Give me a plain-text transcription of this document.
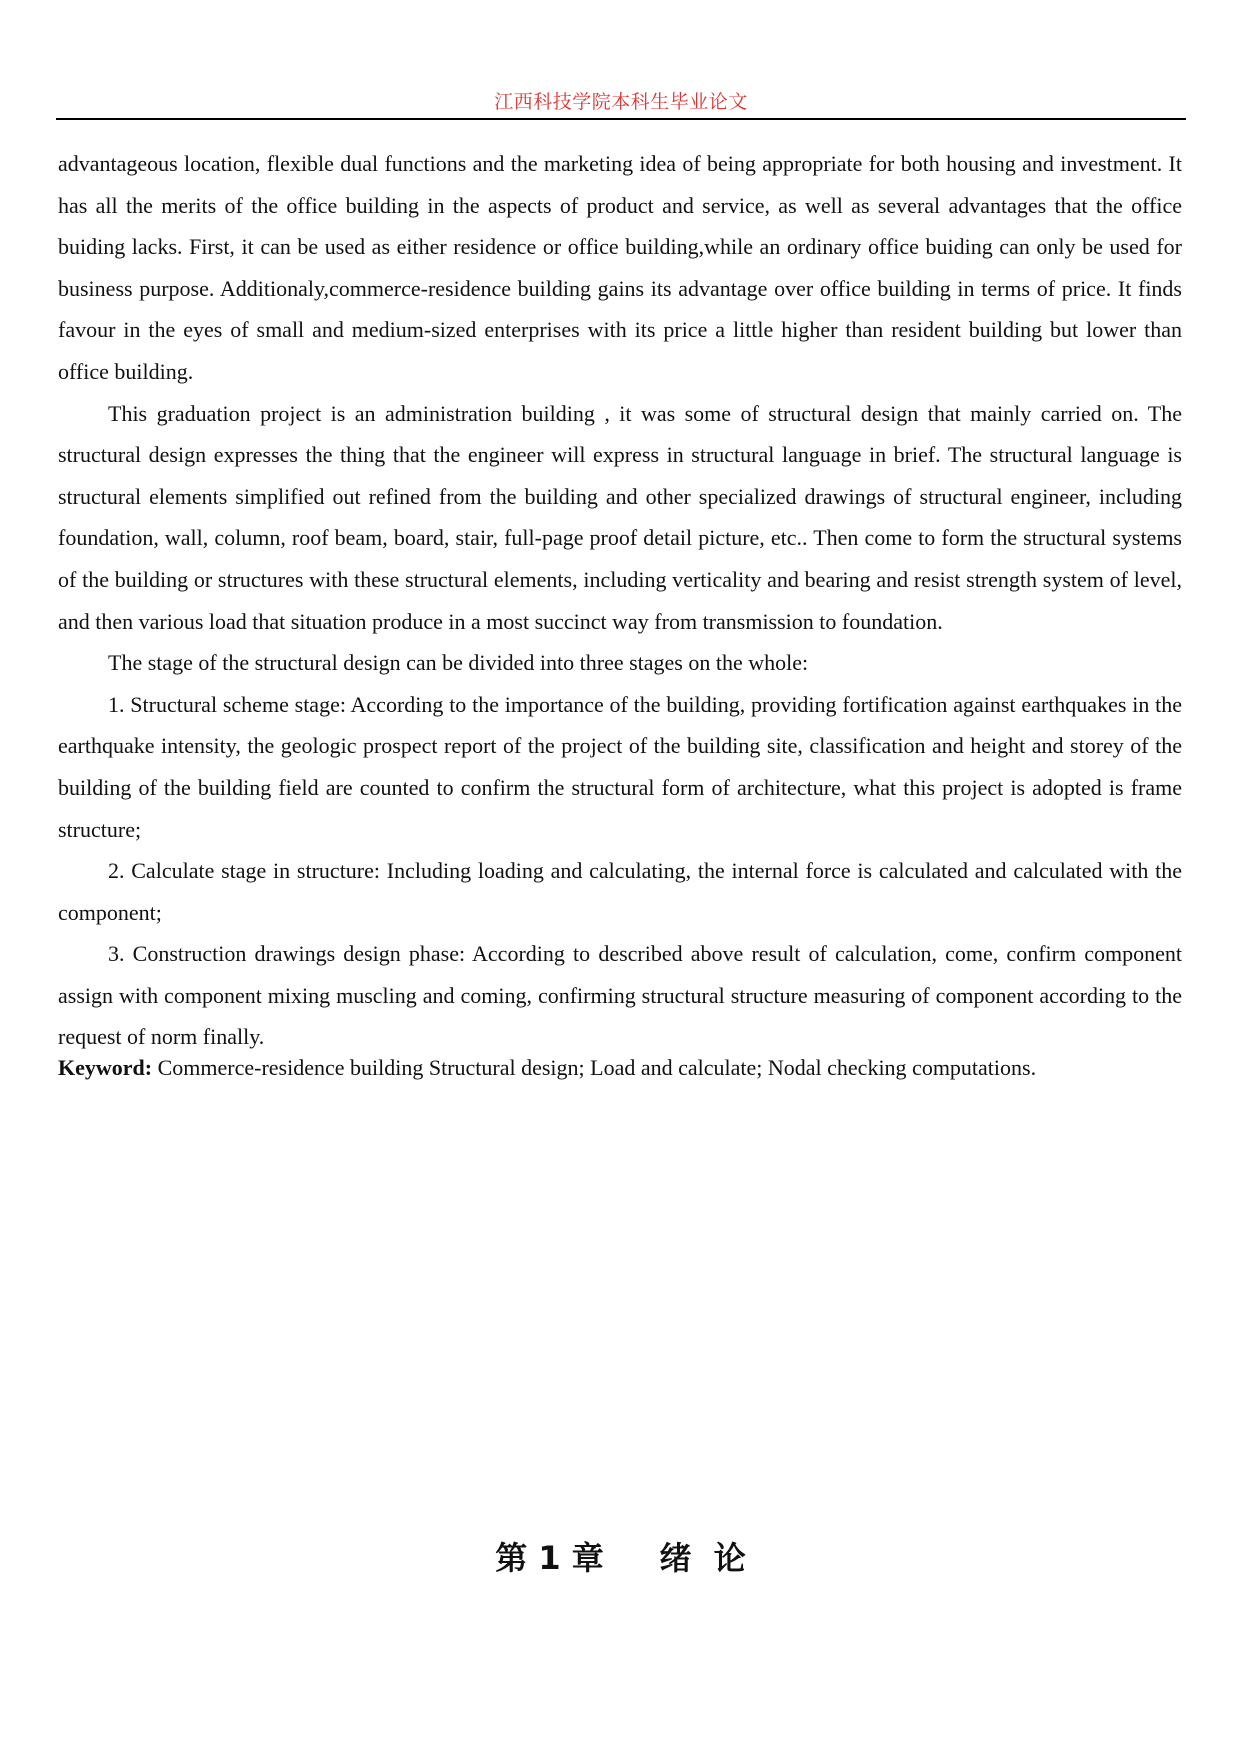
江西科技学院本科生毕业论文

advantageous location, flexible dual functions and the marketing idea of being appropriate for both housing and investment. It has all the merits of the office building in the aspects of product and service, as well as several advantages that the office buiding lacks. First, it can be used as either residence or office building,while an ordinary office buiding can only be used for business purpose. Additionaly,commerce-residence building gains its advantage over office building in terms of price. It finds favour in the eyes of small and medium-sized enterprises with its price a little higher than resident building but lower than office building.

This graduation project is an administration building , it was some of structural design that mainly carried on. The structural design expresses the thing that the engineer will express in structural language in brief. The structural language is structural elements simplified out refined from the building and other specialized drawings of structural engineer, including foundation, wall, column, roof beam, board, stair, full-page proof detail picture, etc.. Then come to form the structural systems of the building or structures with these structural elements, including verticality and bearing and resist strength system of level, and then various load that situation produce in a most succinct way from transmission to foundation.

The stage of the structural design can be divided into three stages on the whole:

1. Structural scheme stage: According to the importance of the building, providing fortification against earthquakes in the earthquake intensity, the geologic prospect report of the project of the building site, classification and height and storey of the building of the building field are counted to confirm the structural form of architecture, what this project is adopted is frame structure;

2. Calculate stage in structure: Including loading and calculating, the internal force is calculated and calculated with the component;

3. Construction drawings design phase: According to described above result of calculation, come, confirm component assign with component mixing muscling and coming, confirming structural structure measuring of component according to the request of norm finally.

Keyword: Commerce-residence building Structural design; Load and calculate; Nodal checking computations.

第 1 章     绪  论
